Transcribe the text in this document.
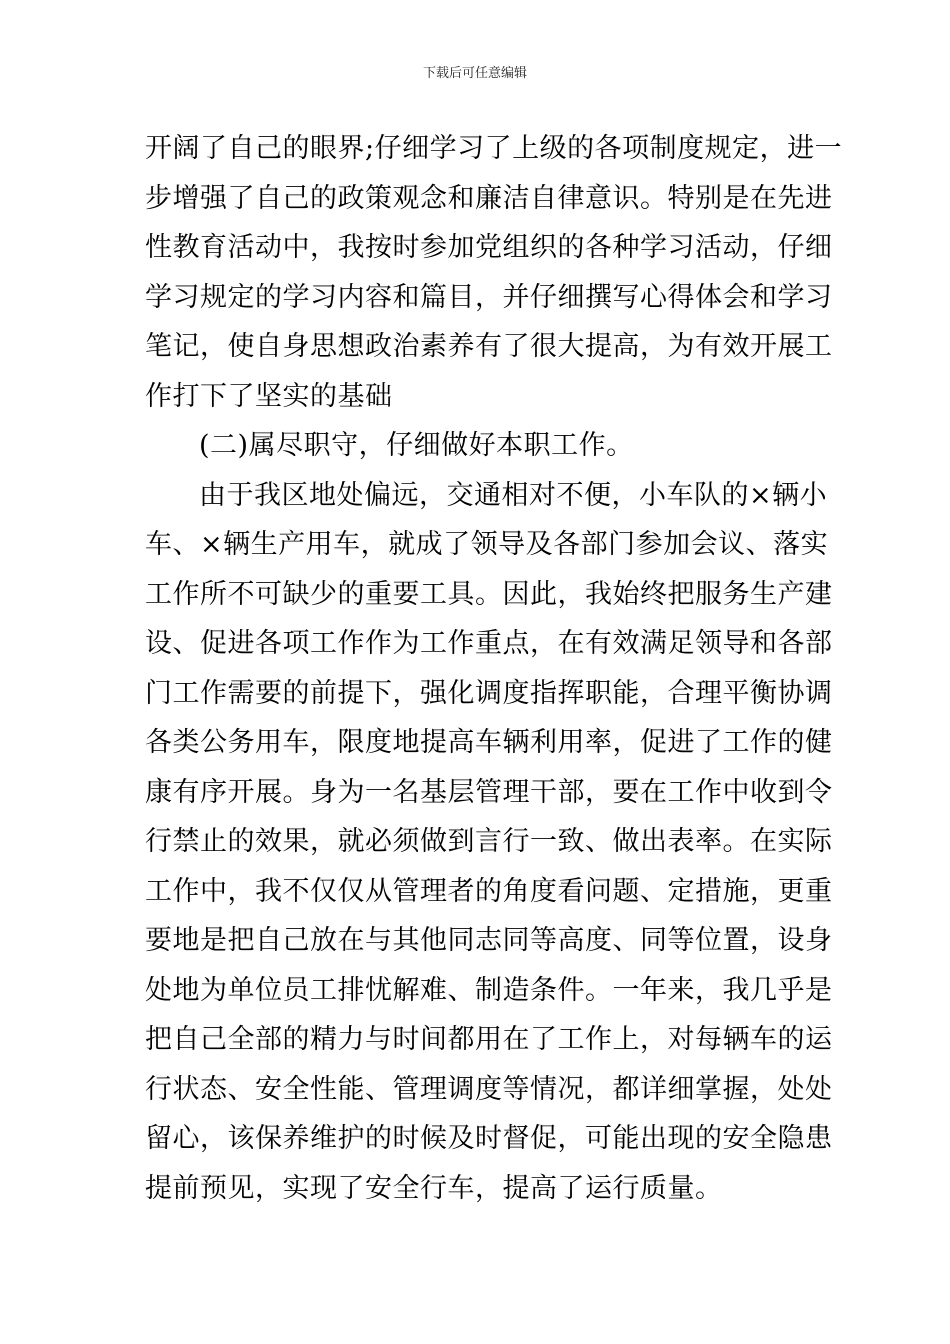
下载后可任意编辑
开阔了自己的眼界;仔细学习了上级的各项制度规定，进一
步增强了自己的政策观念和廉洁自律意识。特别是在先进
性教育活动中，我按时参加党组织的各种学习活动，仔细
学习规定的学习内容和篇目，并仔细撰写心得体会和学习
笔记，使自身思想政治素养有了很大提高，为有效开展工
作打下了坚实的基础
(二)属尽职守，仔细做好本职工作。
由于我区地处偏远，交通相对不便，小车队的×辆小
车、×辆生产用车，就成了领导及各部门参加会议、落实
工作所不可缺少的重要工具。因此，我始终把服务生产建
设、促进各项工作作为工作重点，在有效满足领导和各部
门工作需要的前提下，强化调度指挥职能，合理平衡协调
各类公务用车，限度地提高车辆利用率，促进了工作的健
康有序开展。身为一名基层管理干部，要在工作中收到令
行禁止的效果，就必须做到言行一致、做出表率。在实际
工作中，我不仅仅从管理者的角度看问题、定措施，更重
要地是把自己放在与其他同志同等高度、同等位置，设身
处地为单位员工排忧解难、制造条件。一年来，我几乎是
把自己全部的精力与时间都用在了工作上，对每辆车的运
行状态、安全性能、管理调度等情况，都详细掌握，处处
留心，该保养维护的时候及时督促，可能出现的安全隐患
提前预见，实现了安全行车，提高了运行质量。
